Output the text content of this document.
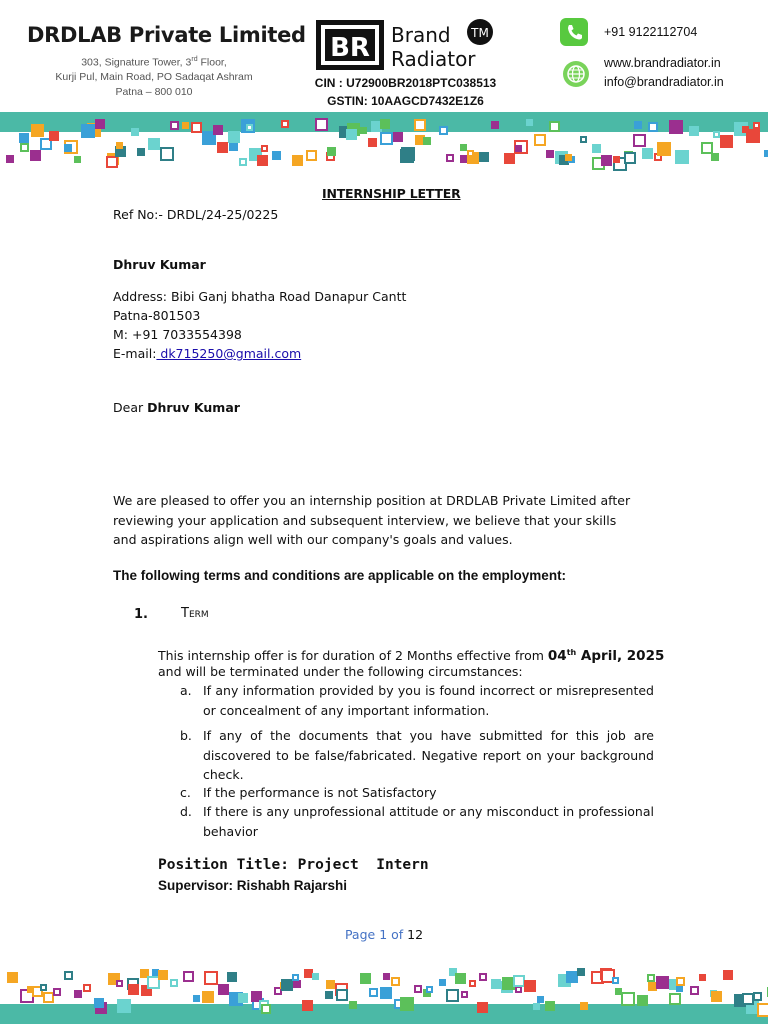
DRDLAB Private Limited
303, Signature Tower, 3rd Floor,
Kurji Pul, Main Road, PO Sadaqat Ashram
Patna – 800 010
BR Brand
Radiator
TM
CIN : U72900BR2018PTC038513
GSTIN: 10AAGCD7432E1Z6
+91 9122112704
www.brandradiator.in
info@brandradiator.in
INTERNSHIP LETTER
Ref No:- DRDL/24-25/0225
Dhruv Kumar
Address: Bibi Ganj bhatha Road Danapur Cantt
Patna-801503
M: +91 7033554398
E-mail: dk715250@gmail.com
Dear Dhruv Kumar
We are pleased to offer you an internship position at DRDLAB Private Limited after reviewing your application and subsequent interview, we believe that your skills and aspirations align well with our company's goals and values.
The following terms and conditions are applicable on the employment:
1.	Term
This internship offer is for duration of 2 Months effective from 04th April, 2025
and will be terminated under the following circumstances:
a. If any information provided by you is found incorrect or misrepresented or concealment of any important information.
b. If any of the documents that you have submitted for this job are discovered to be false/fabricated. Negative report on your background check.
c. If the performance is not Satisfactory
d. If there is any unprofessional attitude or any misconduct in professional behavior
Position Title: Project  Intern
Supervisor: Rishabh Rajarshi
Page 1 of 12
